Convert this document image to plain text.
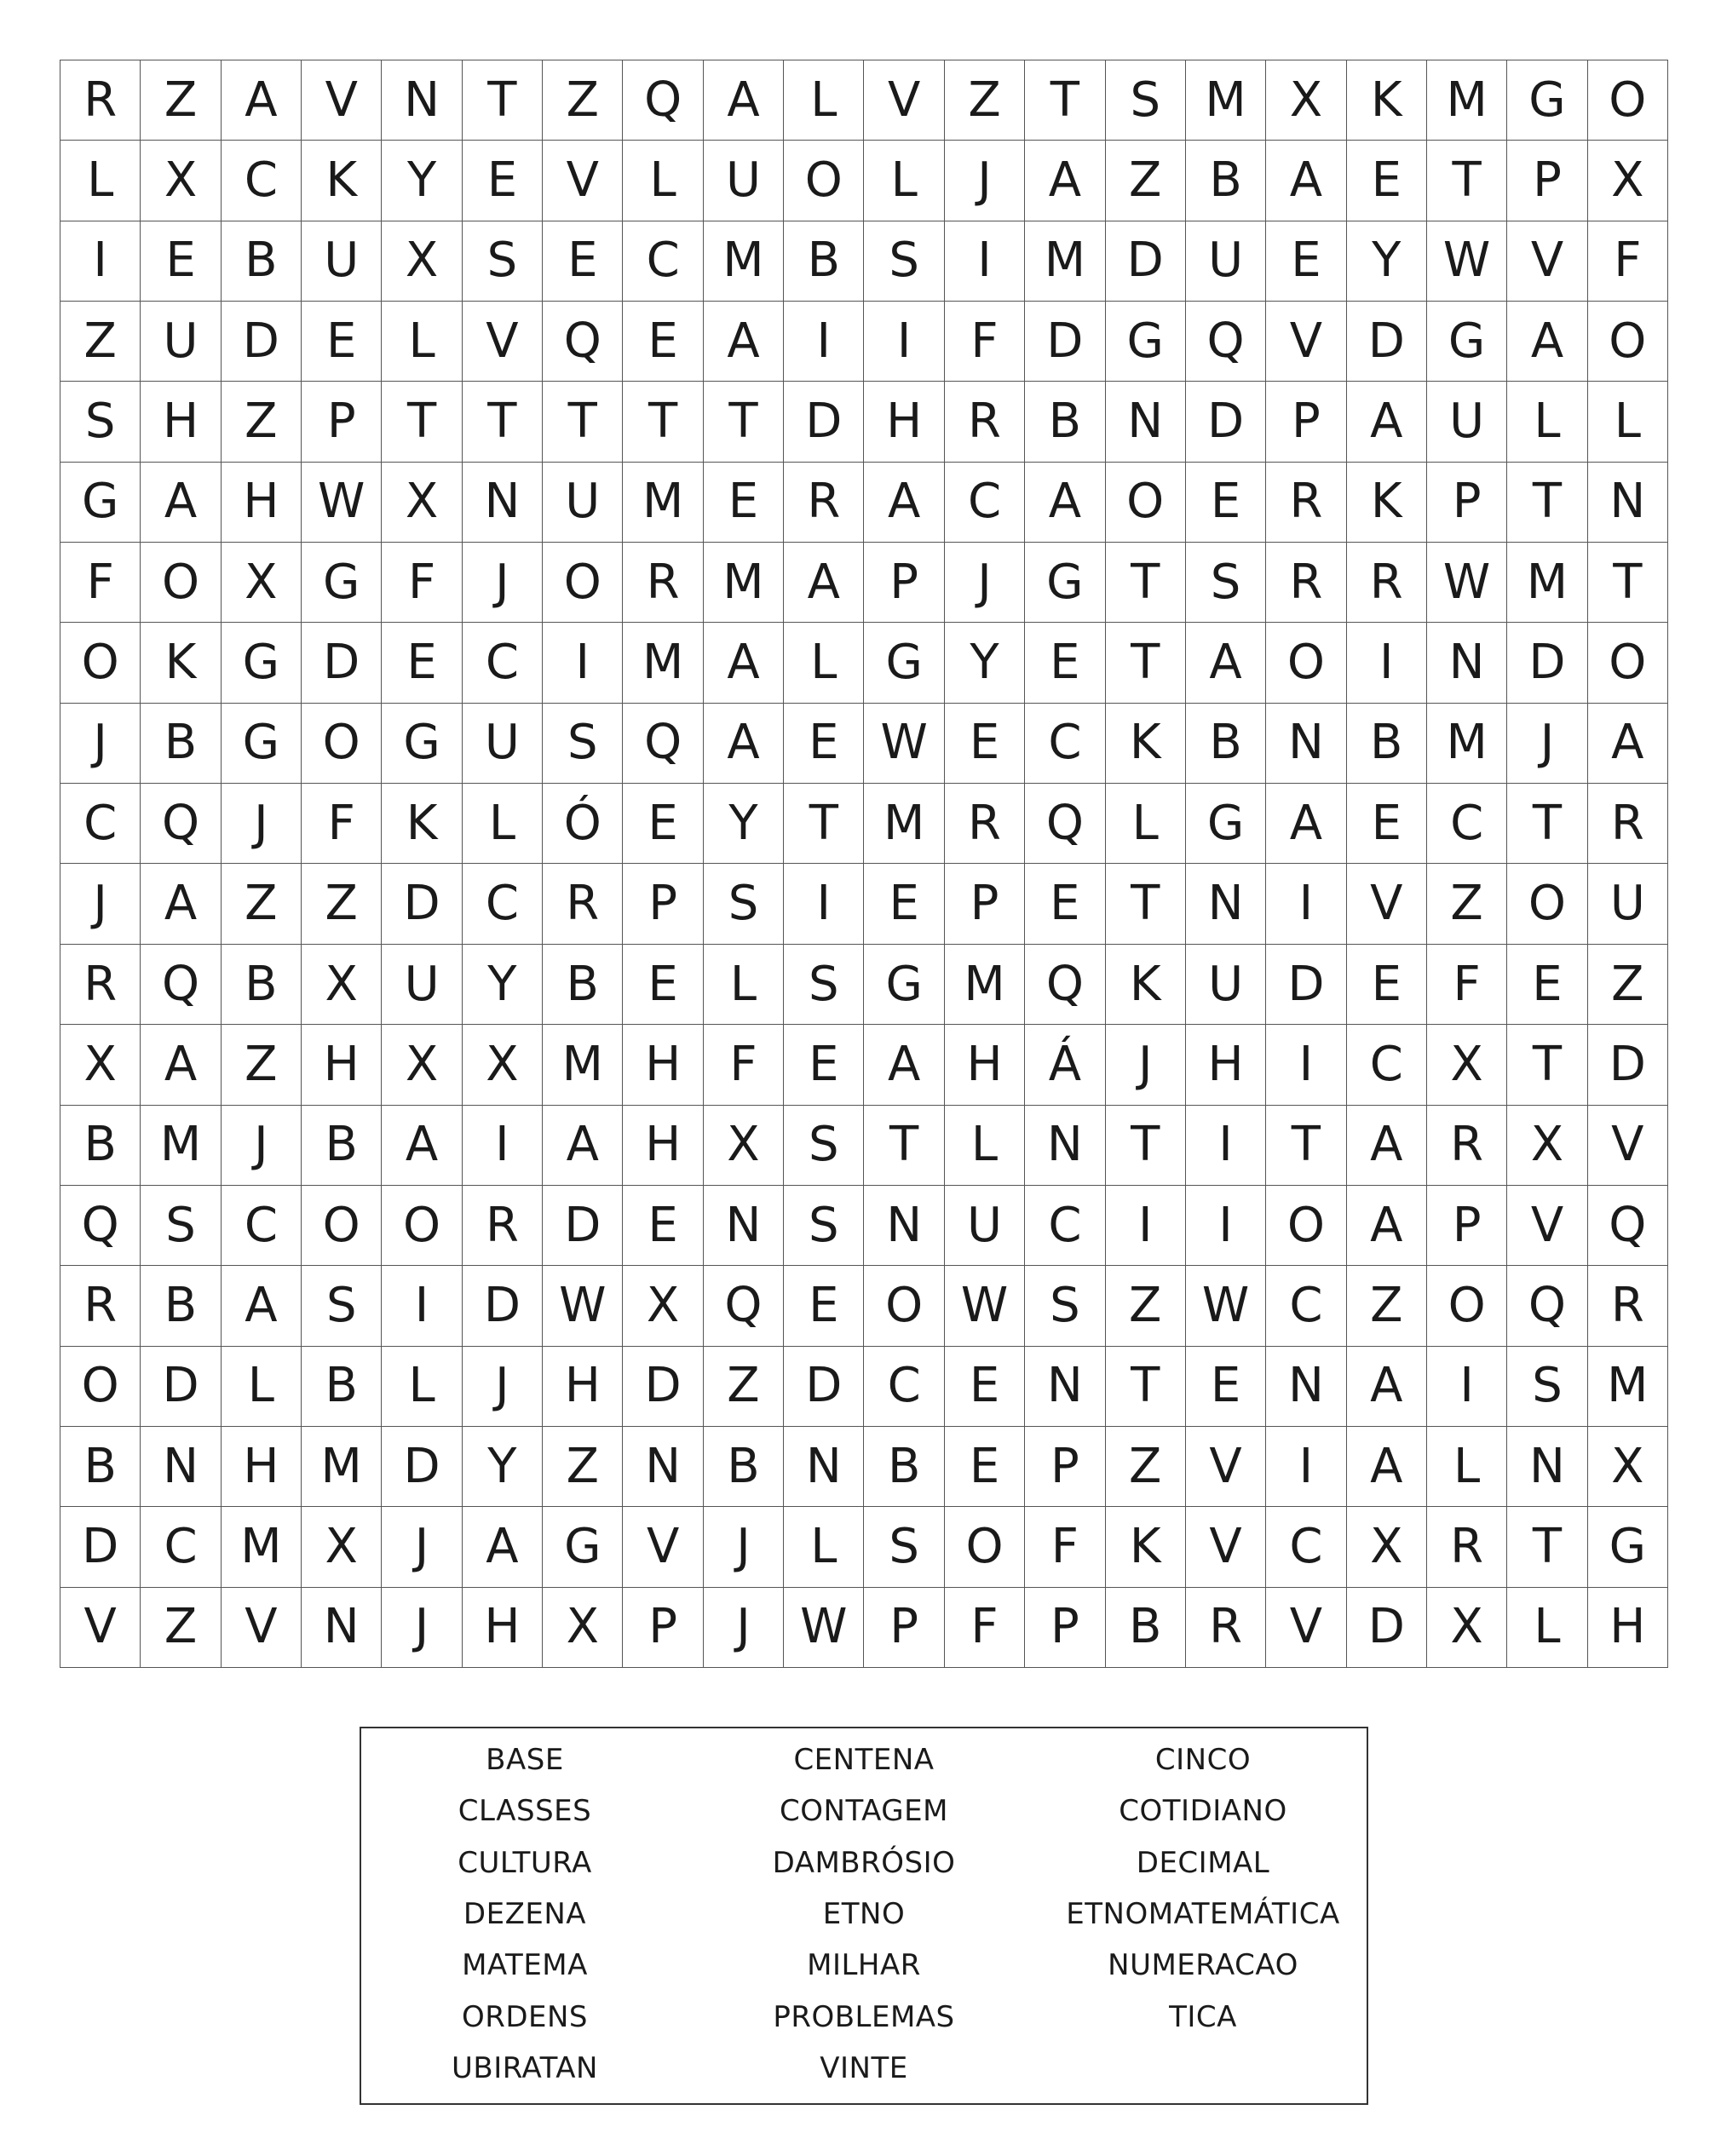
R Z	A	V N	T	Z Q A	L	V	Z	T	S M X	K M G O
L	X C	K	Y	E	V	L	U O	L	J	A	Z B A	E	T	P	X
I	E	B U X	S	E	C M B	S	I	M D U	E	Y W V	F
Z U D E	L	V Q E	A	I	I	F	D G Q V D G A O
S H Z	P	T	T	T	T	T D H R B N D P	A U	L	L
G A H W X N U M E	R A C A O E	R	K	P	T	N
F	O X G	F	J	O R M A	P	J	G T	S	R R W M T
O K G D E	C	I	M A	L	G Y	E	T	A O	I	N D O
J	B G O G U	S Q A	E W E	C	K	B N B M	J	A
C Q	J	F	K	L	Ó E	Y	T M R Q	L	G A	E	C	T	R
J	A	Z Z D C R	P	S	I	E	P	E	T	N	I	V	Z O U
R Q B X U	Y	B	E	L	S G M Q K U D E	F	E	Z
X	A	Z H X X M H	F	E	A H Á	J	H	I	C X	T D
B M	J	B A	I	A H X	S	T	L	N	T	I	T	A R X	V
Q S	C O O R D E N S N U C	I	I	O A	P	V Q
R B A	S	I	D W X Q E O W S	Z W C Z O Q R
O D	L	B	L	J	H D Z D C	E N	T	E N A	I	S M
B N H M D Y	Z N B N B	E	P	Z	V	I	A	L	N X
D C M X	J	A G V	J	L	S O	F	K	V C X R	T G
V	Z	V N	J	H X	P	J	W P	F	P	B R V D X	L	H
BASE	CENTENA	CINCO
CLASSES	CONTAGEM	COTIDIANO
CULTURA	DAMBRÓSIO	DECIMAL
DEZENA	ETNO	ETNOMATEMÁTICA
MATEMA	MILHAR	NUMERACAO
ORDENS	PROBLEMAS	TICA
UBIRATAN	VINTE
